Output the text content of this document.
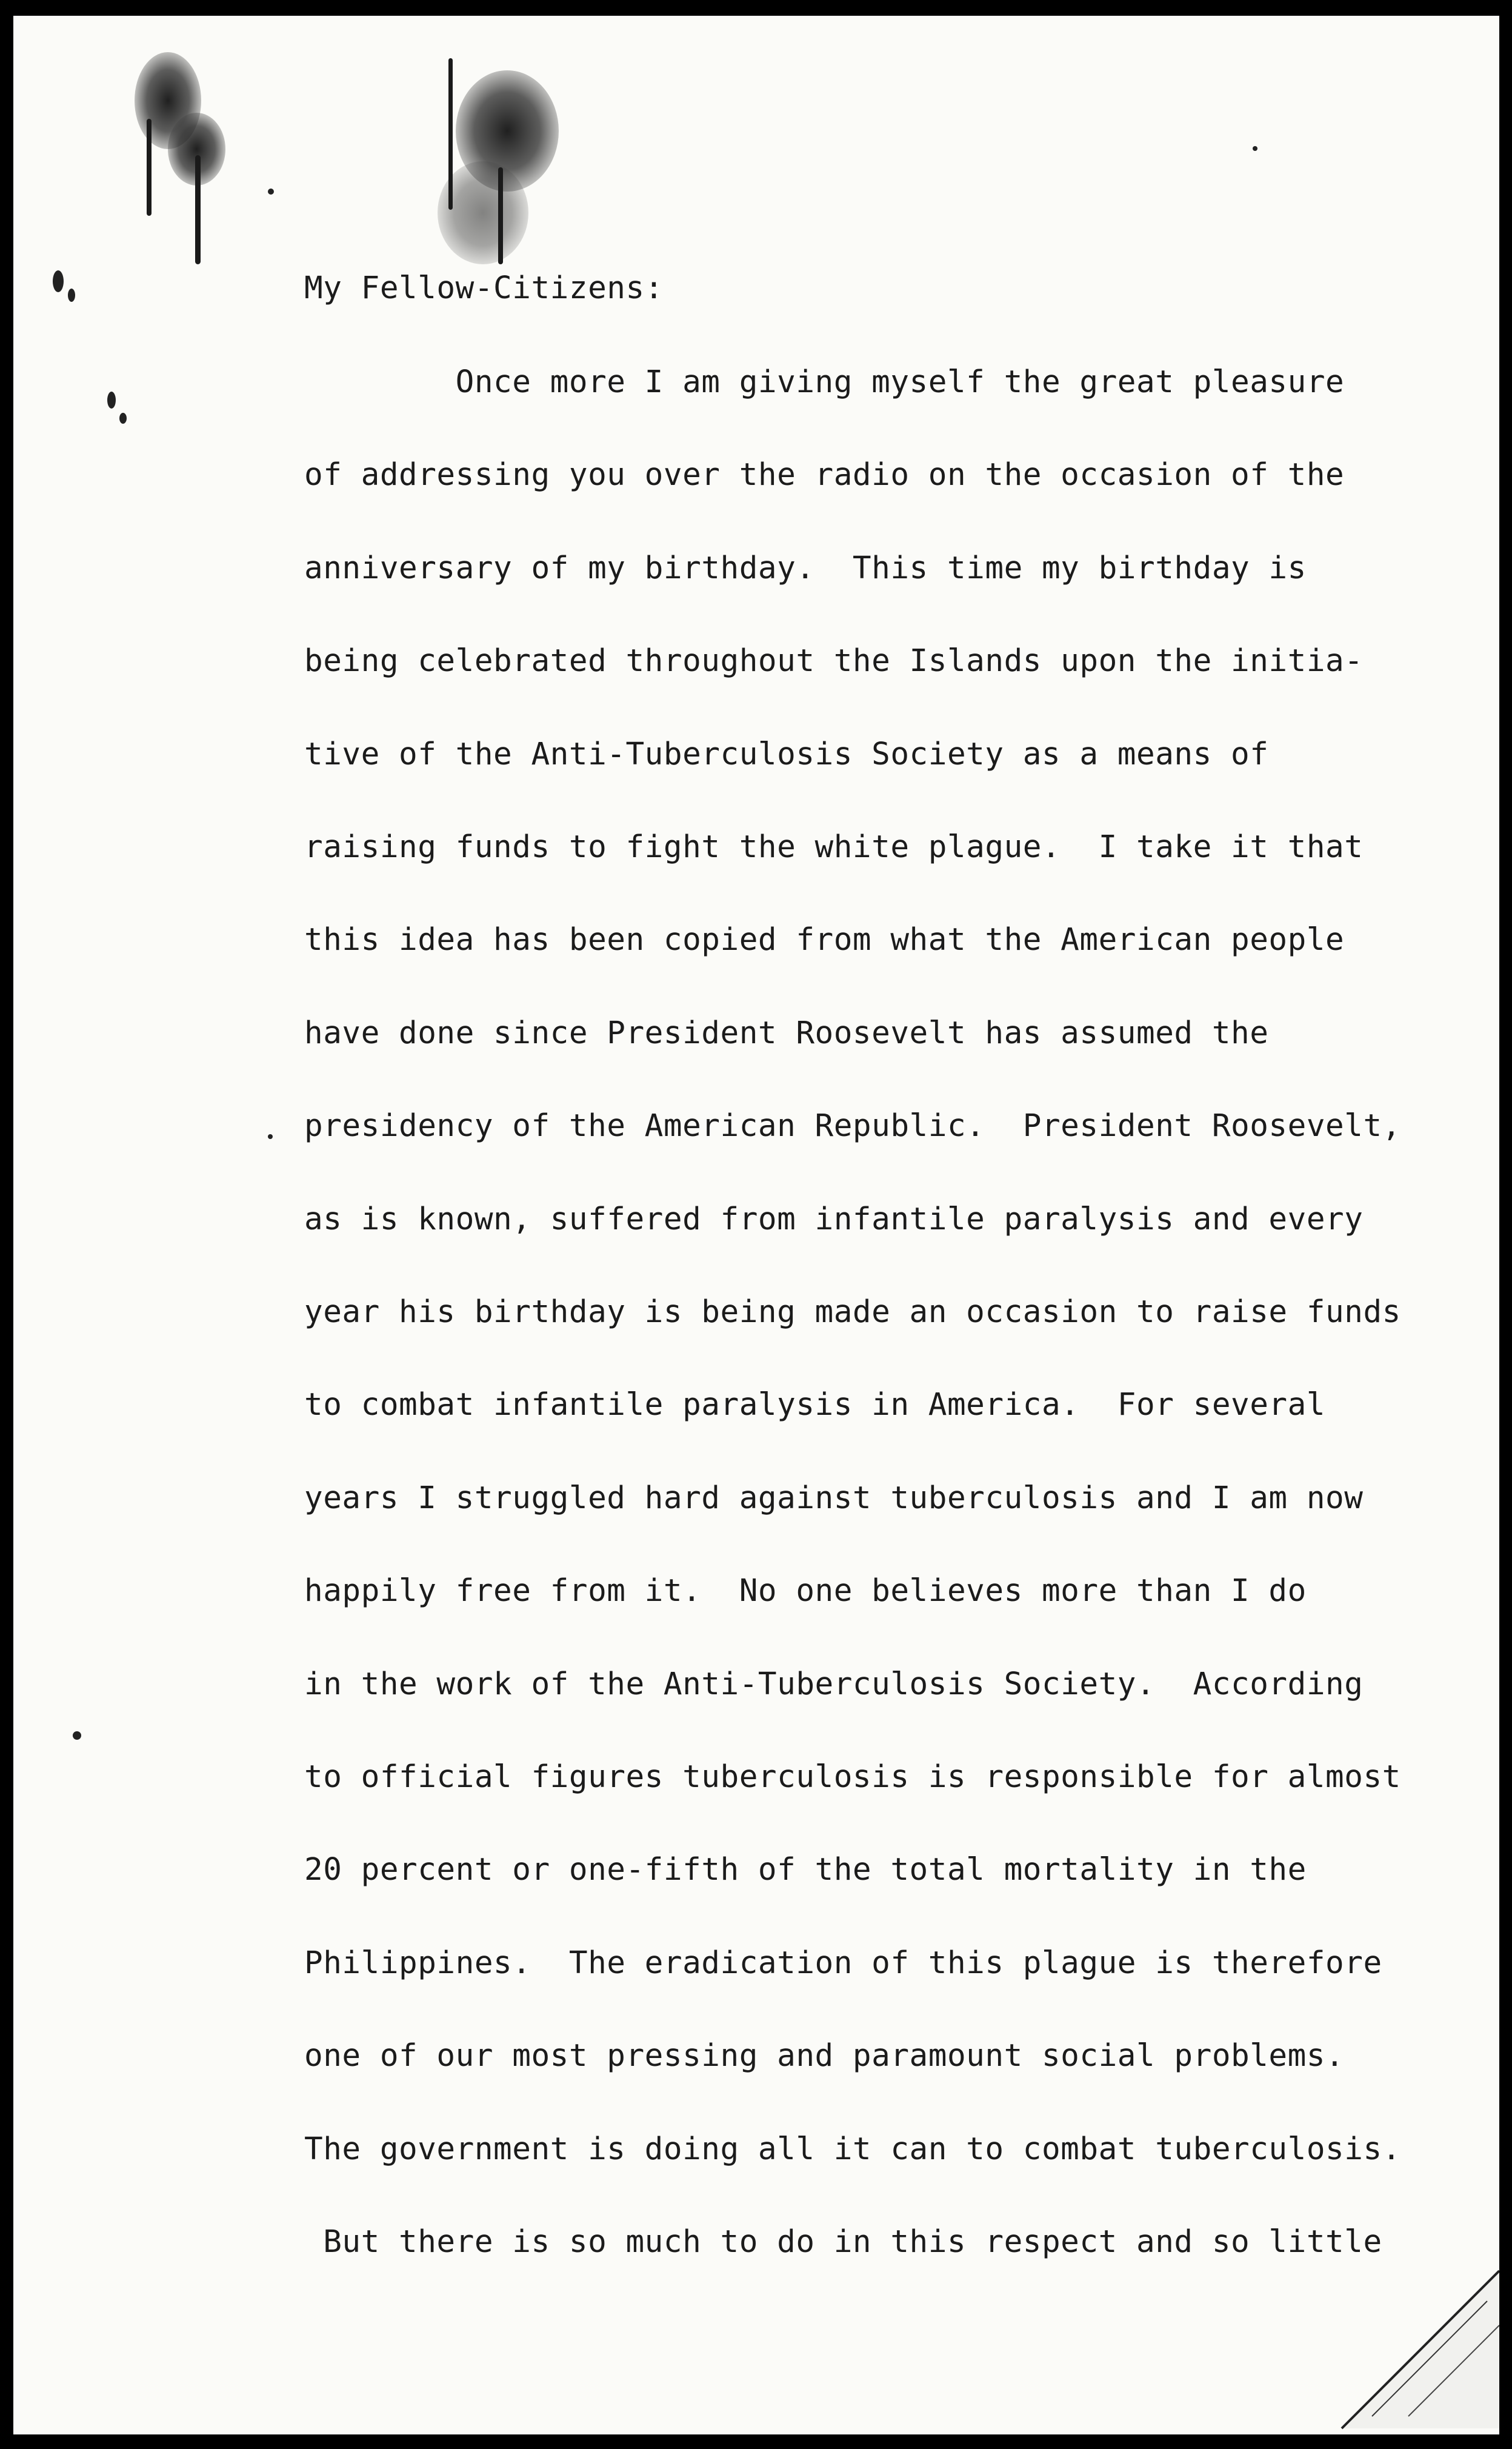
My Fellow-Citizens:
Once more I am giving myself the great pleasure
of addressing you over the radio on the occasion of the
anniversary of my birthday.  This time my birthday is
being celebrated throughout the Islands upon the initia-
tive of the Anti-Tuberculosis Society as a means of
raising funds to fight the white plague.  I take it that
this idea has been copied from what the American people
have done since President Roosevelt has assumed the
presidency of the American Republic.  President Roosevelt,
as is known, suffered from infantile paralysis and every
year his birthday is being made an occasion to raise funds
to combat infantile paralysis in America.  For several
years I struggled hard against tuberculosis and I am now
happily free from it.  No one believes more than I do
in the work of the Anti-Tuberculosis Society.  According
to official figures tuberculosis is responsible for almost
20 percent or one-fifth of the total mortality in the
Philippines.  The eradication of this plague is therefore
one of our most pressing and paramount social problems.
The government is doing all it can to combat tuberculosis.
But there is so much to do in this respect and so little
